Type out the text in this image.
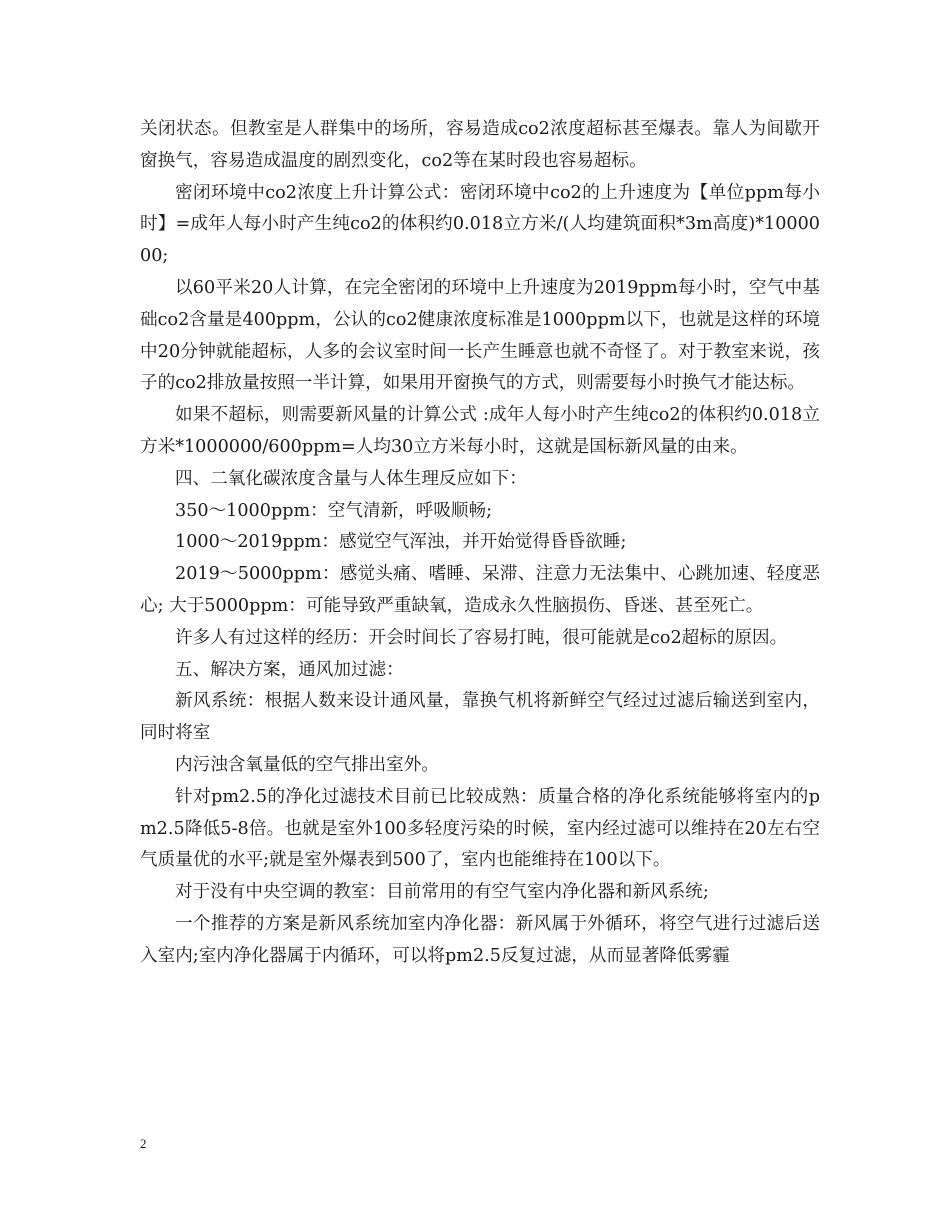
关闭状态。但教室是人群集中的场所，容易造成co2浓度超标甚至爆表。靠人为间歇开窗换气，容易造成温度的剧烈变化，co2等在某时段也容易超标。

密闭环境中co2浓度上升计算公式：密闭环境中co2的上升速度为【单位ppm每小时】=成年人每小时产生纯co2的体积约0.018立方米/(人均建筑面积*3m高度)*1000000;

以60平米20人计算，在完全密闭的环境中上升速度为2019ppm每小时，空气中基础co2含量是400ppm，公认的co2健康浓度标准是1000ppm以下，也就是这样的环境中20分钟就能超标，人多的会议室时间一长产生睡意也就不奇怪了。对于教室来说，孩子的co2排放量按照一半计算，如果用开窗换气的方式，则需要每小时换气才能达标。

如果不超标，则需要新风量的计算公式 :成年人每小时产生纯co2的体积约0.018立方米*1000000/600ppm=人均30立方米每小时，这就是国标新风量的由来。

四、二氧化碳浓度含量与人体生理反应如下：

350～1000ppm：空气清新，呼吸顺畅;

1000～2019ppm：感觉空气浑浊，并开始觉得昏昏欲睡;

2019～5000ppm：感觉头痛、嗜睡、呆滞、注意力无法集中、心跳加速、轻度恶心; 大于5000ppm：可能导致严重缺氧，造成永久性脑损伤、昏迷、甚至死亡。

许多人有过这样的经历：开会时间长了容易打盹，很可能就是co2超标的原因。

五、解决方案，通风加过滤：

新风系统：根据人数来设计通风量，靠换气机将新鲜空气经过过滤后输送到室内，同时将室

内污浊含氧量低的空气排出室外。

针对pm2.5的净化过滤技术目前已比较成熟：质量合格的净化系统能够将室内的pm2.5降低5-8倍。也就是室外100多轻度污染的时候，室内经过滤可以维持在20左右空气质量优的水平;就是室外爆表到500了，室内也能维持在100以下。

对于没有中央空调的教室：目前常用的有空气室内净化器和新风系统;

一个推荐的方案是新风系统加室内净化器：新风属于外循环，将空气进行过滤后送入室内;室内净化器属于内循环，可以将pm2.5反复过滤，从而显著降低雾霾

2
